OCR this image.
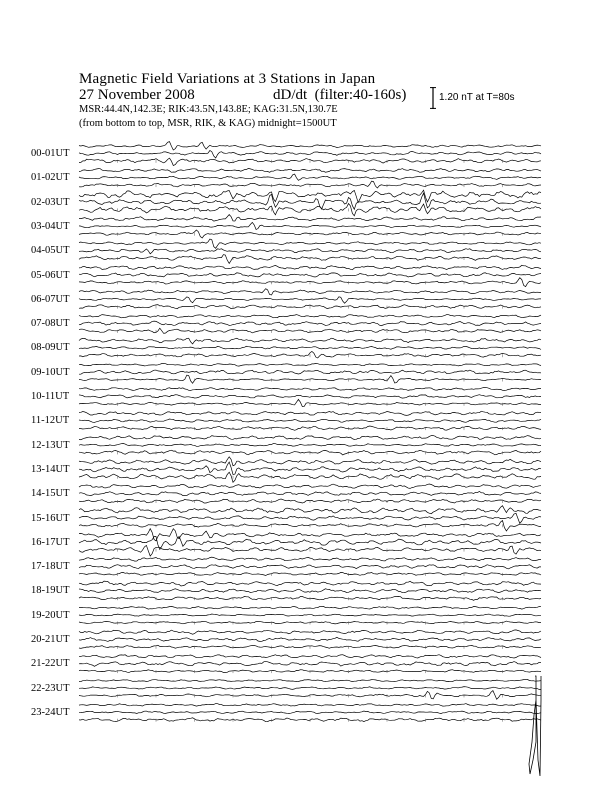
Magnetic Field Variations at 3 Stations in Japan
27 November 2008	dD/dt (filter:40-160s)
MSR:44.4N,142.3E; RIK:43.5N,143.8E; KAG:31.5N,130.7E
(from bottom to top, MSR, RIK, & KAG) midnight=1500UT
1.20 nT at T=80s
00-01UT
01-02UT
02-03UT
03-04UT
04-05UT
05-06UT
06-07UT
07-08UT
08-09UT
09-10UT
10-11UT
11-12UT
12-13UT
13-14UT
14-15UT
15-16UT
16-17UT
17-18UT
18-19UT
19-20UT
20-21UT
21-22UT
22-23UT
23-24UT
